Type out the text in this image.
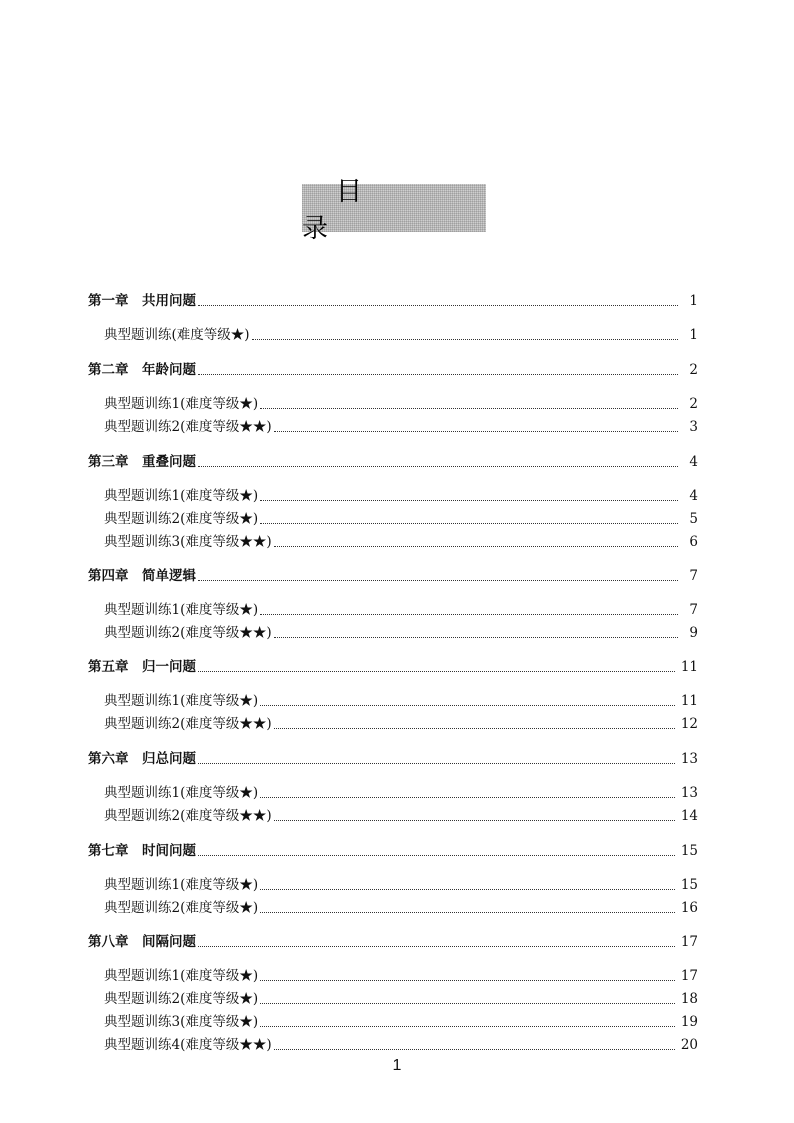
目　录
第一章　共用问题	1
典型题训练(难度等级★)	1
第二章　年龄问题	2
典型题训练1(难度等级★)	2
典型题训练2(难度等级★★)	3
第三章　重叠问题	4
典型题训练1(难度等级★)	4
典型题训练2(难度等级★)	5
典型题训练3(难度等级★★)	6
第四章　简单逻辑	7
典型题训练1(难度等级★)	7
典型题训练2(难度等级★★)	9
第五章　归一问题	11
典型题训练1(难度等级★)	11
典型题训练2(难度等级★★)	12
第六章　归总问题	13
典型题训练1(难度等级★)	13
典型题训练2(难度等级★★)	14
第七章　时间问题	15
典型题训练1(难度等级★)	15
典型题训练2(难度等级★)	16
第八章　间隔问题	17
典型题训练1(难度等级★)	17
典型题训练2(难度等级★)	18
典型题训练3(难度等级★)	19
典型题训练4(难度等级★★)	20
1
